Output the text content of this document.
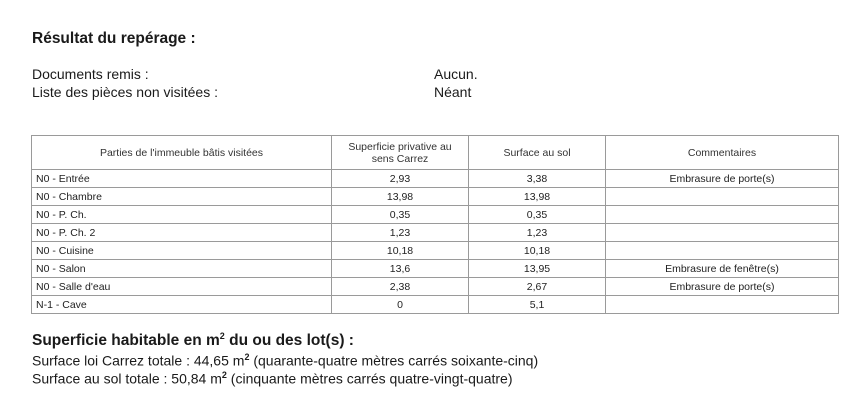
Résultat du repérage :
Documents remis :	Aucun.
Liste des pièces non visitées :	Néant
Parties de l'immeuble bâtis visitées	Superficie privative au sens Carrez	Surface au sol	Commentaires
N0 - Entrée	2,93	3,38	Embrasure de porte(s)
N0 - Chambre	13,98	13,98	
N0 - P. Ch.	0,35	0,35	
N0 - P. Ch. 2	1,23	1,23	
N0 - Cuisine	10,18	10,18	
N0 - Salon	13,6	13,95	Embrasure de fenêtre(s)
N0 - Salle d'eau	2,38	2,67	Embrasure de porte(s)
N-1 - Cave	0	5,1	
Superficie habitable en $m^2$ du ou des lot(s) :
Surface loi Carrez totale : 44,65 $m^2$ (quarante-quatre mètres carrés soixante-cinq)
Surface au sol totale : 50,84 $m^2$ (cinquante mètres carrés quatre-vingt-quatre)
